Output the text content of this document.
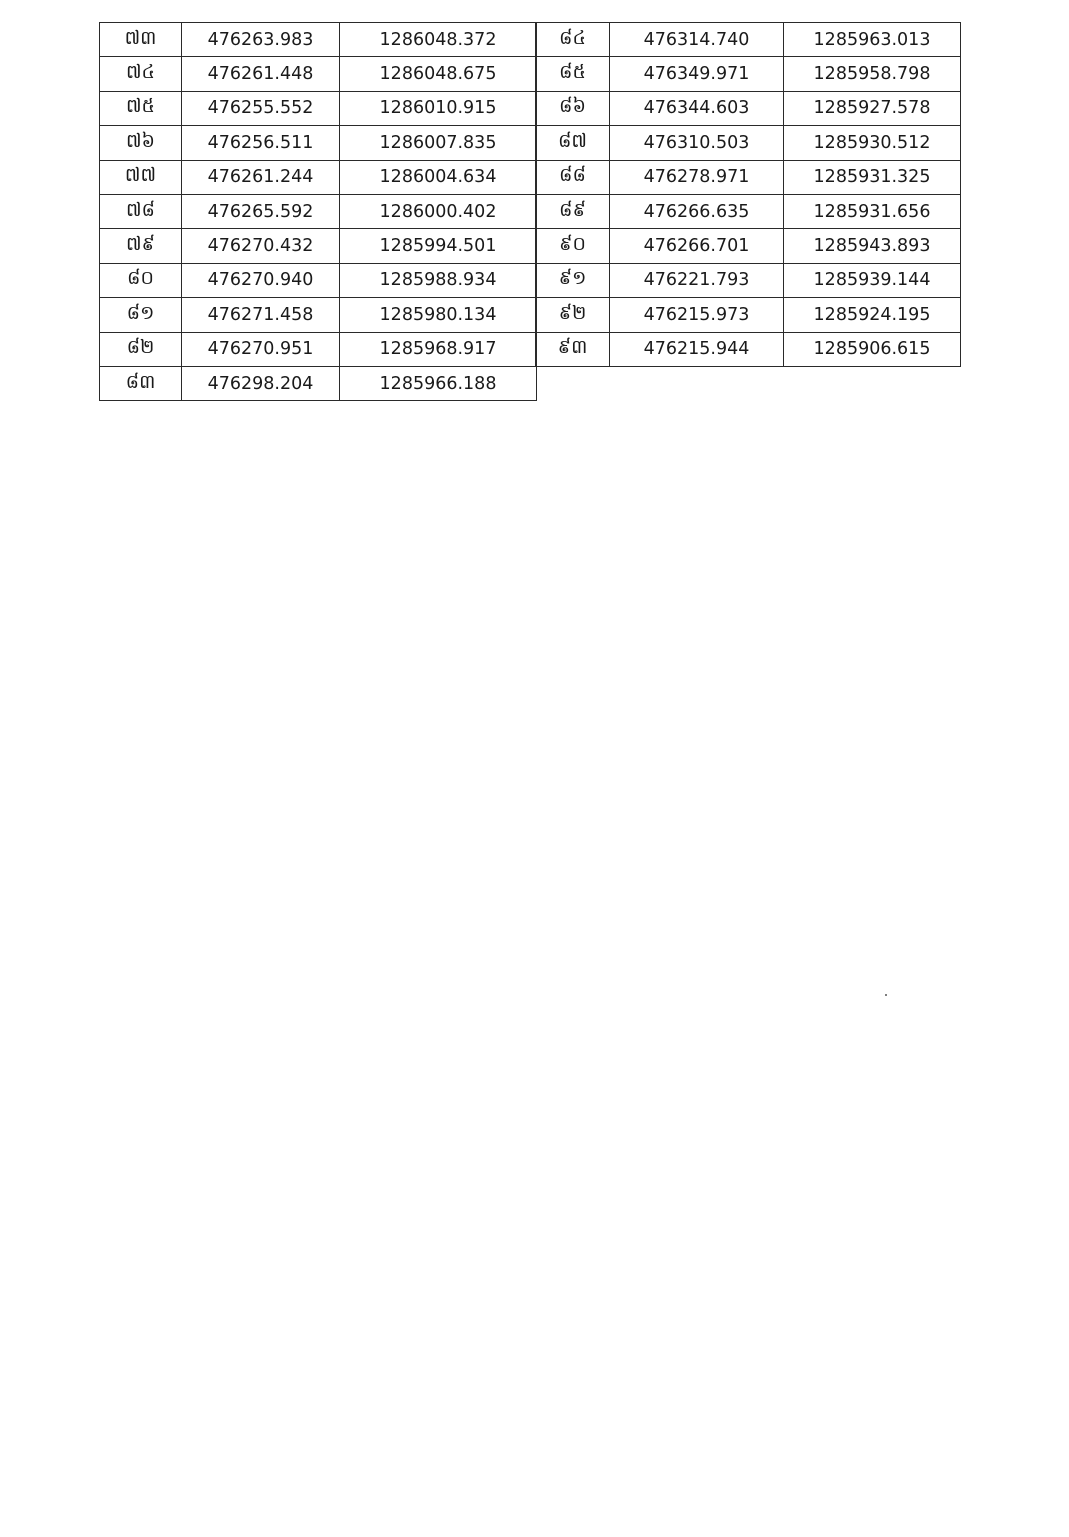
៧៣	476263.983	1286048.372
៧៤	476261.448	1286048.675
៧៥	476255.552	1286010.915
៧៦	476256.511	1286007.835
៧៧	476261.244	1286004.634
៧៨	476265.592	1286000.402
៧៩	476270.432	1285994.501
៨០	476270.940	1285988.934
៨១	476271.458	1285980.134
៨២	476270.951	1285968.917
៨៣	476298.204	1285966.188
៨៤	476314.740	1285963.013
៨៥	476349.971	1285958.798
៨៦	476344.603	1285927.578
៨៧	476310.503	1285930.512
៨៨	476278.971	1285931.325
៨៩	476266.635	1285931.656
៩០	476266.701	1285943.893
៩១	476221.793	1285939.144
៩២	476215.973	1285924.195
៩៣	476215.944	1285906.615
